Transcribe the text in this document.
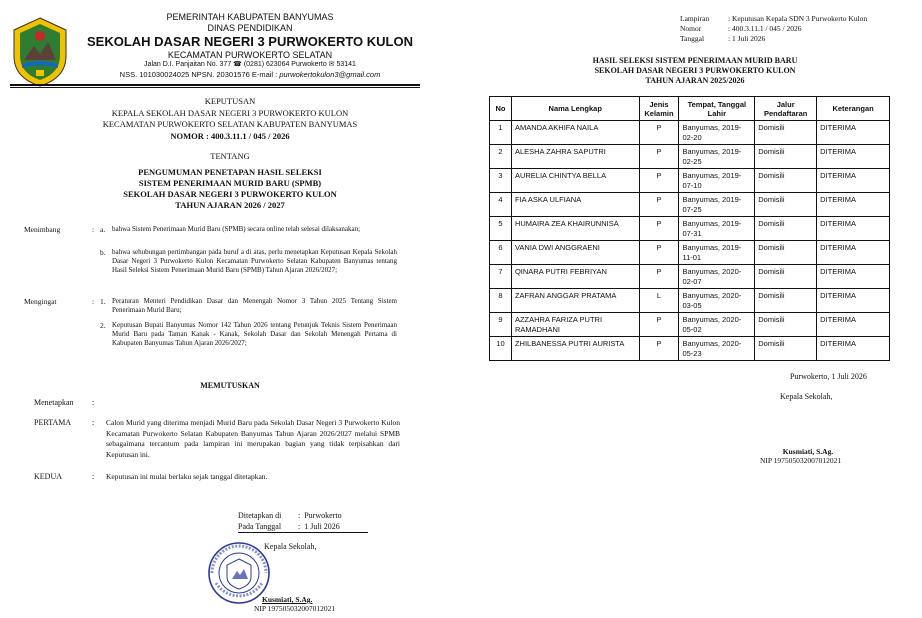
PEMERINTAH KABUPATEN BANYUMAS
DINAS PENDIDIKAN
SEKOLAH DASAR NEGERI 3 PURWOKERTO KULON
KECAMATAN PURWOKERTO SELATAN
Jalan D.I. Panjaitan No. 377 ☎ (0281) 623064 Purwokerto ✉ 53141
NSS. 101030024025 NPSN. 20301576 E-mail : purwokertokulon3@gmail.com
KEPUTUSAN
KEPALA SEKOLAH DASAR NEGERI 3 PURWOKERTO KULON
KECAMATAN PURWOKERTO SELATAN KABUPATEN BANYUMAS
NOMOR : 400.3.11.1 / 045 / 2026
TENTANG
PENGUMUMAN PENETAPAN HASIL SELEKSI
SISTEM PENERIMAAN MURID BARU (SPMB)
SEKOLAH DASAR NEGERI 3 PURWOKERTO KULON
TAHUN AJARAN 2026 / 2027
Menimbang	: a. bahwa Sistem Penerimaan Murid Baru (SPMB) secara online telah selesai dilaksanakan;
b. bahwa sehubungan pertimbangan pada huruf a di atas, perlu menetapkan Keputusan Kepala Sekolah Dasar Negeri 3 Purwokerto Kulon Kecamatan Purwokerto Selatan Kabupaten Banyumas tentang Hasil Seleksi Sistem Penerimaan Murid Baru (SPMB) Tahun Ajaran 2026/2027;
Mengingat	: 1. Peraturan Menteri Pendidikan Dasar dan Menengah Nomor 3 Tahun 2025 Tentang Sistem Penerimaan Murid Baru;
2. Keputusan Bupati Banyumas Nomor 142 Tahun 2026 tentang Petunjuk Teknis Sistem Penerimaan Murid Baru pada Taman Kanak - Kanak, Sekolah Dasar dan Sekolah Menengah Pertama di Kabupaten Banyumas Tahun Ajaran 2026/2027;
MEMUTUSKAN
Menetapkan :
PERTAMA	: Calon Murid yang diterima menjadi Murid Baru pada Sekolah Dasar Negeri 3 Purwokerto Kulon Kecamatan Purwokerto Selatan Kabupaten Banyumas Tahun Ajaran 2026/2027 melalui SPMB sebagaimana tercantum pada lampiran ini merupakan bagian yang tidak terpisahkan dari Keputusan ini.
KEDUA	: Keputusan ini mulai berlaku sejak tanggal ditetapkan.
Ditetapkan di :  Purwokerto
Pada Tanggal :  1 Juli 2026
Kepala Sekolah,
Kusmiati, S.Ag.
NIP 197505032007012021
Lampiran	: Keputusan Kepala SDN 3 Purwokerto Kulon
Nomor	: 400.3.11.1 / 045 / 2026
Tanggal	: 1 Juli 2026
HASIL SELEKSI SISTEM PENERIMAAN MURID BARU
SEKOLAH DASAR NEGERI 3 PURWOKERTO KULON
TAHUN AJARAN 2025/2026
No	Nama Lengkap	Jenis Kelamin	Tempat, Tanggal Lahir	Jalur Pendaftaran	Keterangan
1	AMANDA AKHIFA NAILA	P	Banyumas, 2019-02-20	Domisili	DITERIMA
2	ALESHA ZAHRA SAPUTRI	P	Banyumas, 2019-02-25	Domisili	DITERIMA
3	AURELIA CHINTYA BELLA	P	Banyumas, 2019-07-10	Domisili	DITERIMA
4	FIA ASKA ULFIANA	P	Banyumas, 2019-07-25	Domisili	DITERIMA
5	HUMAIRA ZEA KHAIRUNNISA	P	Banyumas, 2019-07-31	Domisili	DITERIMA
6	VANIA DWI ANGGRAENI	P	Banyumas, 2019-11-01	Domisili	DITERIMA
7	QINARA PUTRI FEBRIYAN	P	Banyumas, 2020-02-07	Domisili	DITERIMA
8	ZAFRAN ANGGAR PRATAMA	L	Banyumas, 2020-03-05	Domisili	DITERIMA
9	AZZAHRA FARIZA PUTRI RAMADHANI	P	Banyumas, 2020-05-02	Domisili	DITERIMA
10	ZHILBANESSA PUTRI AURISTA	P	Banyumas, 2020-05-23	Domisili	DITERIMA
Purwokerto, 1 Juli 2026
Kepala Sekolah,
Kusmiati, S.Ag.
NIP 197505032007012021
